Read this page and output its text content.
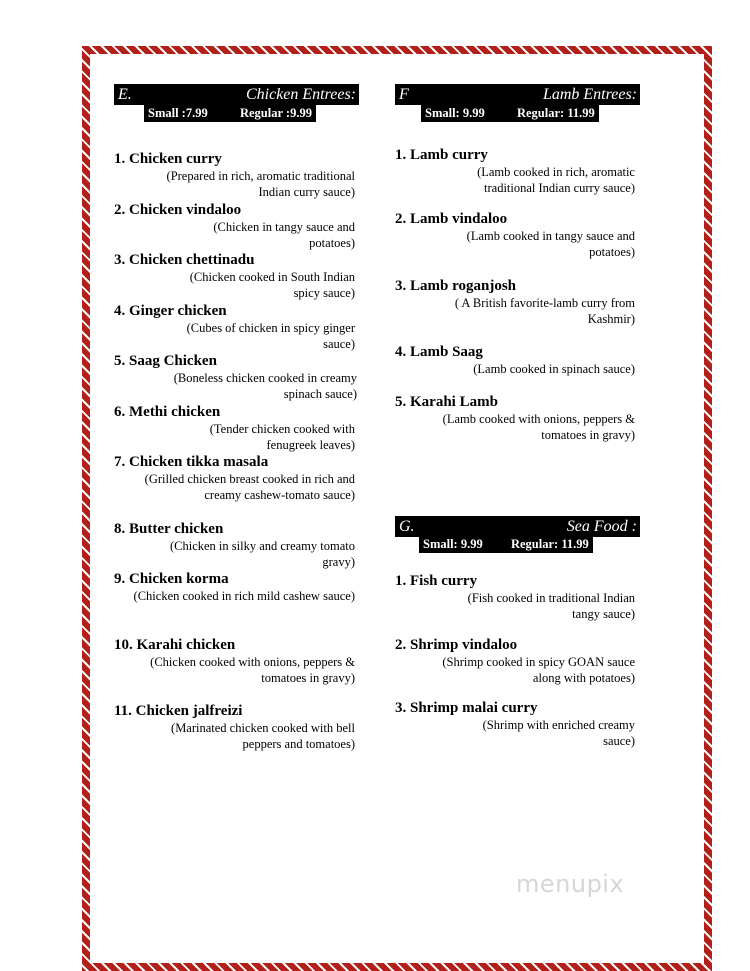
E.	Chicken Entrees:
Small :7.99	Regular :9.99
1. Chicken curry
(Prepared in rich, aromatic traditional Indian curry sauce)
2. Chicken vindaloo
(Chicken in tangy sauce and potatoes)
3. Chicken chettinadu
(Chicken cooked in South Indian spicy sauce)
4. Ginger chicken
(Cubes of chicken in spicy ginger sauce)
5. Saag Chicken
(Boneless chicken cooked in creamy spinach sauce)
6. Methi chicken
(Tender chicken cooked with fenugreek leaves)
7. Chicken tikka masala
(Grilled chicken breast cooked in rich and creamy cashew-tomato sauce)
8. Butter chicken
(Chicken in silky and creamy tomato gravy)
9. Chicken korma
(Chicken cooked in rich mild cashew sauce)
10. Karahi chicken
(Chicken cooked with onions, peppers & tomatoes in gravy)
11. Chicken jalfreizi
(Marinated chicken cooked with bell peppers and tomatoes)
F	Lamb Entrees:
Small: 9.99	Regular: 11.99
1. Lamb curry
(Lamb cooked in rich, aromatic traditional Indian curry sauce)
2. Lamb vindaloo
(Lamb cooked in tangy sauce and potatoes)
3. Lamb roganjosh
( A British favorite-lamb curry from Kashmir)
4. Lamb Saag
(Lamb cooked in spinach sauce)
5. Karahi Lamb
(Lamb cooked with onions, peppers & tomatoes in gravy)
G.	Sea Food :
Small: 9.99 Regular: 11.99
1. Fish curry
(Fish cooked in traditional Indian tangy sauce)
2. Shrimp vindaloo
(Shrimp cooked in spicy GOAN sauce along with potatoes)
3. Shrimp malai curry
(Shrimp with enriched creamy sauce)
menupix
